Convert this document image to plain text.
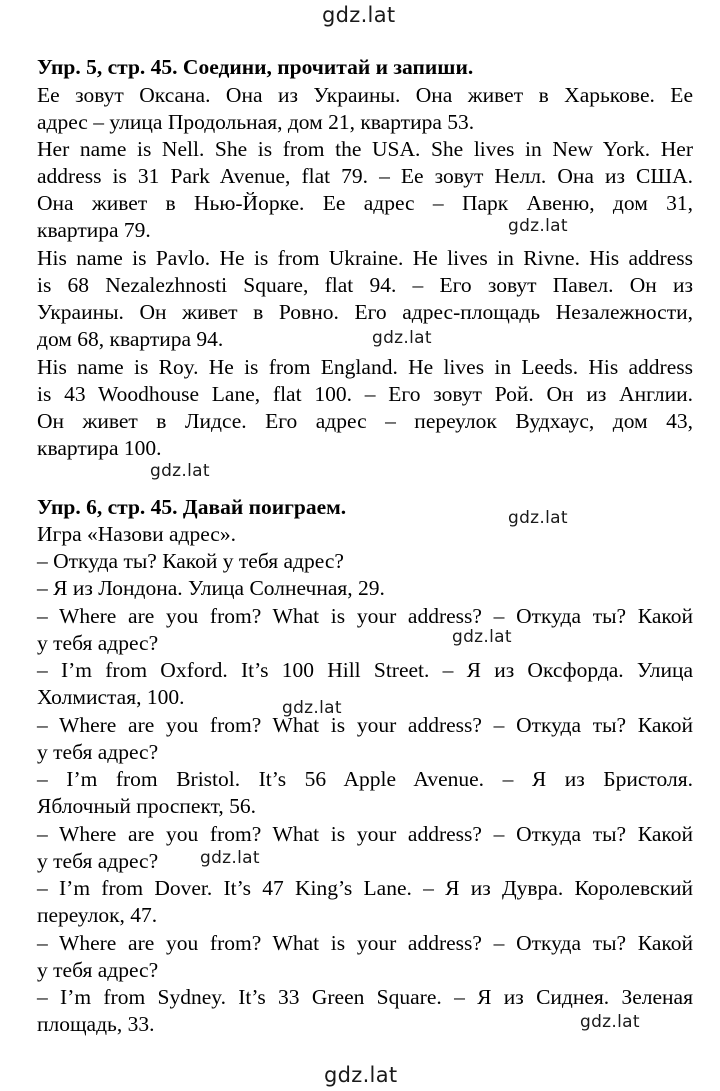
gdz.lat
Упр. 5, стр. 45. Соедини, прочитай и запиши.
Ее зовут Оксана. Она из Украины. Она живет в Харькове. Ее
адрес – улица Продольная, дом 21, квартира 53.
Her name is Nell. She is from the USA. She lives in New York. Her
address is 31 Park Avenue, flat 79. – Ее зовут Нелл. Она из США.
Она живет в Нью-Йорке. Ее адрес – Парк Авеню, дом 31,
квартира 79.
His name is Pavlo. He is from Ukraine. He lives in Rivne. His address
is 68 Nezalezhnosti Square, flat 94. – Его зовут Павел. Он из
Украины. Он живет в Ровно. Его адрес-площадь Незалежности,
дом 68, квартира 94.
His name is Roy. He is from England. He lives in Leeds. His address
is 43 Woodhouse Lane, flat 100. – Его зовут Рой. Он из Англии.
Он живет в Лидсе. Его адрес – переулок Вудхаус, дом 43,
квартира 100.
Упр. 6, стр. 45. Давай поиграем.
Игра «Назови адрес».
– Откуда ты? Какой у тебя адрес?
– Я из Лондона. Улица Солнечная, 29.
– Where are you from? What is your address? – Откуда ты? Какой
у тебя адрес?
– I’m from Oxford. It’s 100 Hill Street. – Я из Оксфорда. Улица
Холмистая, 100.
– Where are you from? What is your address? – Откуда ты? Какой
у тебя адрес?
– I’m from Bristol. It’s 56 Apple Avenue. – Я из Бристоля.
Яблочный проспект, 56.
– Where are you from? What is your address? – Откуда ты? Какой
у тебя адрес?
– I’m from Dover. It’s 47 King’s Lane. – Я из Дувра. Королевский
переулок, 47.
– Where are you from? What is your address? – Откуда ты? Какой
у тебя адрес?
– I’m from Sydney. It’s 33 Green Square. – Я из Сиднея. Зеленая
площадь, 33.
gdz.lat
gdz.lat
gdz.lat
gdz.lat
gdz.lat
gdz.lat
gdz.lat
gdz.lat
gdz.lat
